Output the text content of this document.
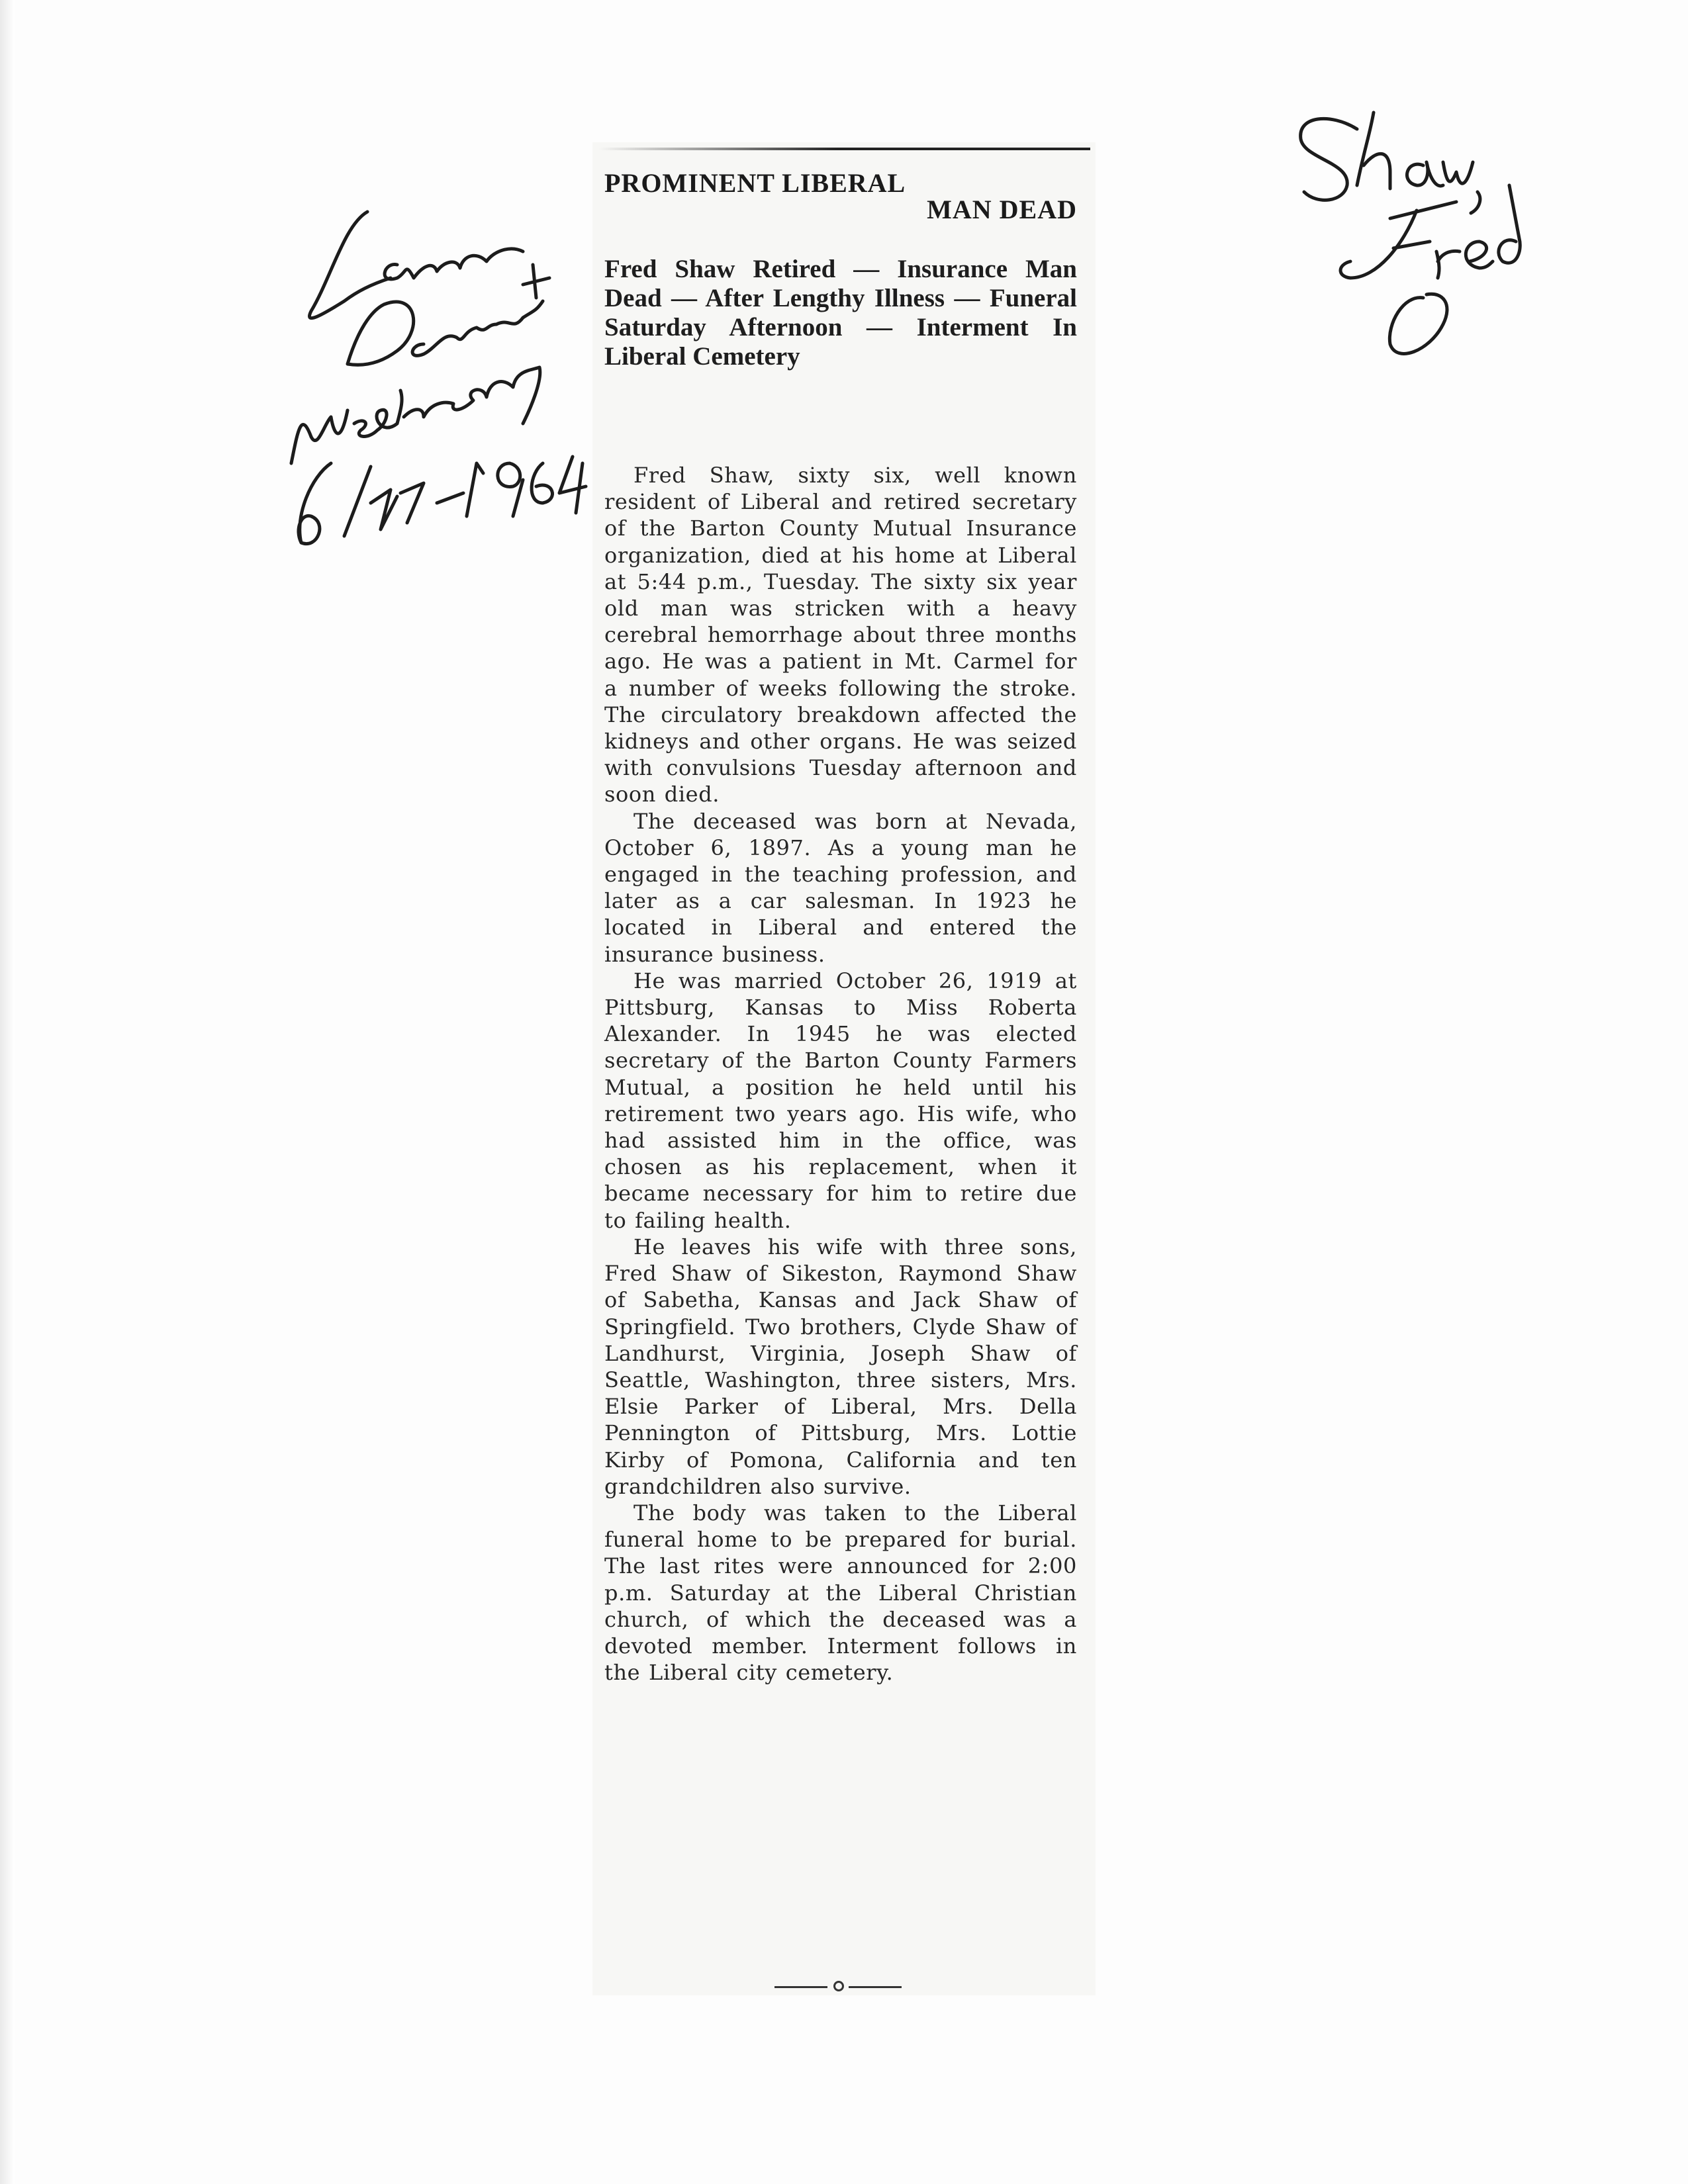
PROMINENT LIBERAL
MAN DEAD
Fred Shaw Retired — Insurance Man Dead — After Lengthy Illness — Funeral Saturday Afternoon — Interment In Liberal Cemetery

Fred Shaw, sixty six, well known resident of Liberal and retired secretary of the Barton County Mutual Insurance organization, died at his home at Liberal at 5:44 p.m., Tuesday. The sixty six year old man was stricken with a heavy cerebral hemorrhage about three months ago. He was a patient in Mt. Carmel for a number of weeks following the stroke. The circulatory breakdown affected the kidneys and other organs. He was seized with convulsions Tuesday afternoon and soon died.

The deceased was born at Nevada, October 6, 1897. As a young man he engaged in the teaching profession, and later as a car salesman. In 1923 he located in Liberal and entered the insurance business.

He was married October 26, 1919 at Pittsburg, Kansas to Miss Roberta Alexander. In 1945 he was elected secretary of the Barton County Farmers Mutual, a position he held until his retirement two years ago. His wife, who had assisted him in the office, was chosen as his replacement, when it became necessary for him to retire due to failing health.

He leaves his wife with three sons, Fred Shaw of Sikeston, Raymond Shaw of Sabetha, Kansas and Jack Shaw of Springfield. Two brothers, Clyde Shaw of Landhurst, Virginia, Joseph Shaw of Seattle, Washington, three sisters, Mrs. Elsie Parker of Liberal, Mrs. Della Pennington of Pittsburg, Mrs. Lottie Kirby of Pomona, California and ten grandchildren also survive.

The body was taken to the Liberal funeral home to be prepared for burial. The last rites were announced for 2:00 p.m. Saturday at the Liberal Christian church, of which the deceased was a devoted member. Interment follows in the Liberal city cemetery.
